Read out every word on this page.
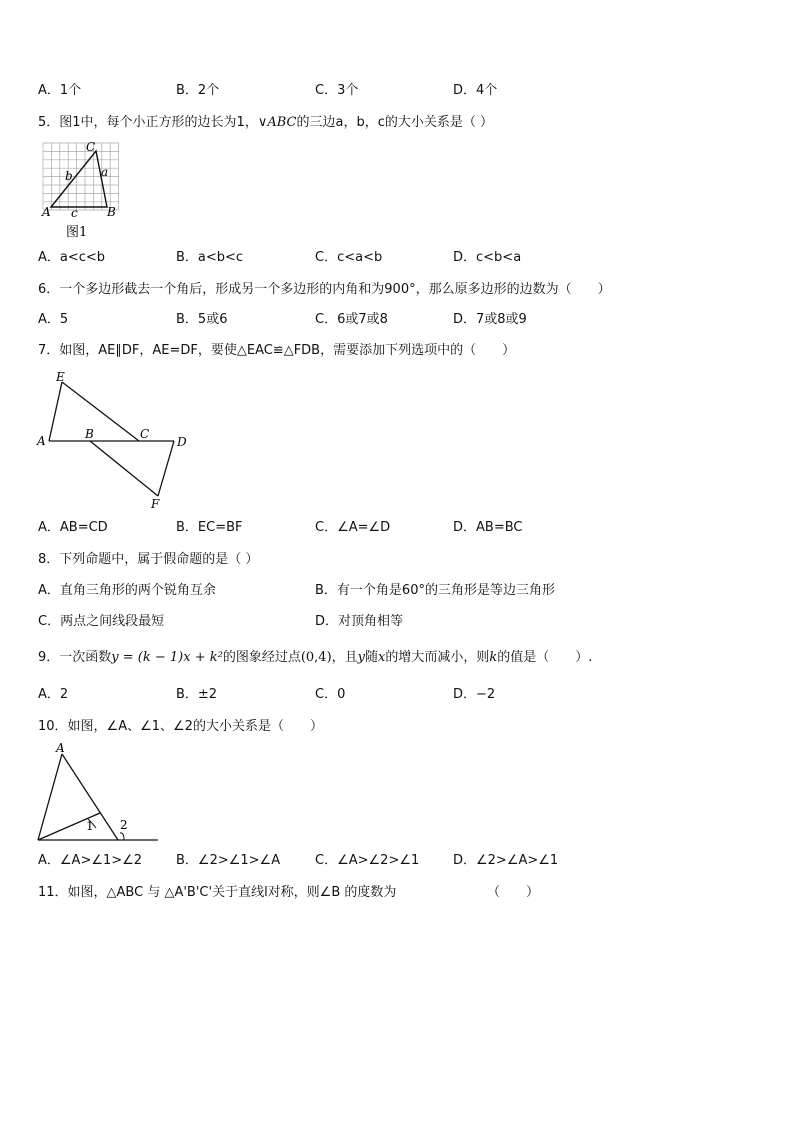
A．1个	B．2个	C．3个	D．4个
5．图1中，每个小正方形的边长为1，∨ABC的三边a，b，c的大小关系是（ ）
C
A	B
a
b
c
图1
A．a<c<b	B．a<b<c	C．c<a<b	D．c<b<a
6．一个多边形截去一个角后，形成另一个多边形的内角和为900°，那么原多边形的边数为（　　）
A．5	B．5或6	C．6或7或8	D．7或8或9
7．如图，AE∥DF，AE=DF，要使△EAC≌△FDB，需要添加下列选项中的（　　）
E
A	B	C
D
F
A．AB=CD	B．EC=BF	C．∠A=∠D	D．AB=BC
8．下列命题中，属于假命题的是（ ）
A．直角三角形的两个锐角互余	B．有一个角是60°的三角形是等边三角形
C．两点之间线段最短	D．对顶角相等
9．一次函数y = (k − 1)x + k²的图象经过点(0,4)，且y随x的增大而减小，则k的值是（　　）.
A．2	B．±2	C．0	D．−2
10．如图，∠A、∠1、∠2的大小关系是（　　）
A
1 2
A．∠A>∠1>∠2	B．∠2>∠1>∠A	C．∠A>∠2>∠1	D．∠2>∠A>∠1
11．如图，△ABC 与 △A'B'C'关于直线l对称，则∠B 的度数为	（　　）
